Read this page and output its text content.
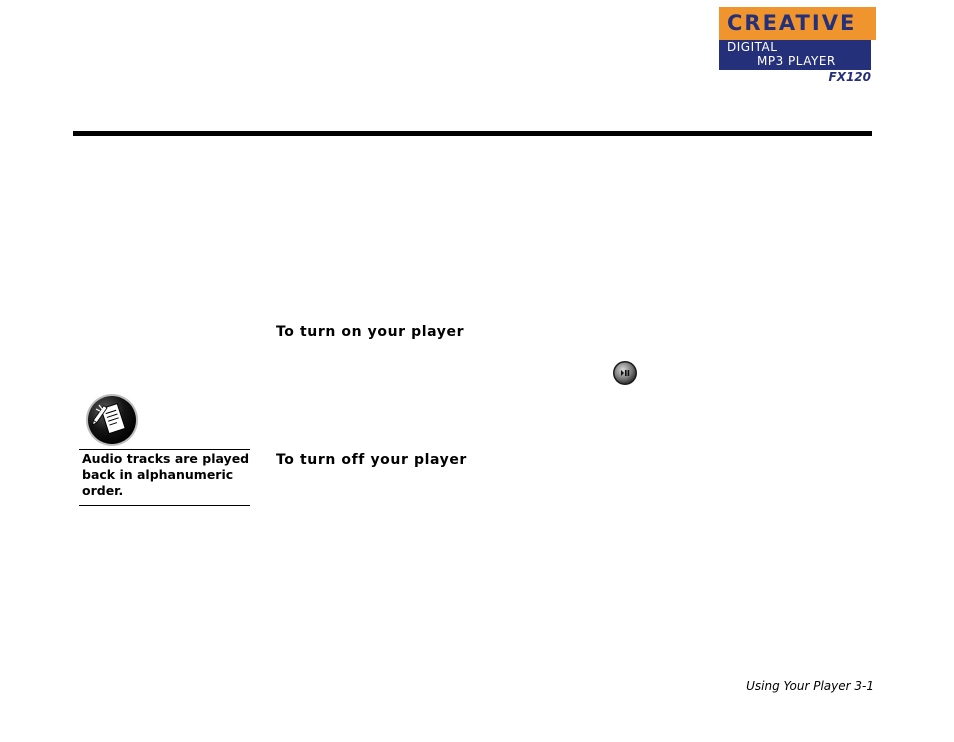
CREATIVE
DIGITAL
MP3 PLAYER
FX120
To turn on your player
Audio tracks are played back in alphanumeric order.
To turn off your player
Using Your Player 3-1
